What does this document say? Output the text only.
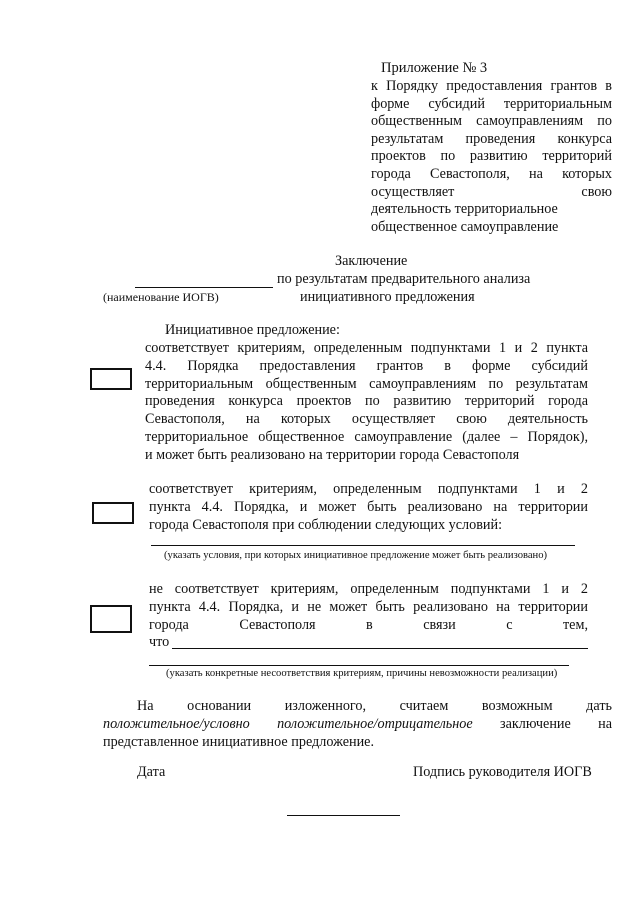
Приложение № 3
к Порядку предоставления грантов в
форме субсидий территориальным
общественным самоуправлениям по
результатам проведения конкурса
проектов по развитию территорий
города Севастополя, на которых
осуществляет свою
деятельность территориальное
общественное самоуправление
Заключение
по результатам предварительного анализа
(наименование ИОГВ)	инициативного предложения
Инициативное предложение:
соответствует критериям, определенным подпунктами 1 и 2 пункта
4.4. Порядка предоставления грантов в форме субсидий
территориальным общественным самоуправлениям по результатам
проведения конкурса проектов по развитию территорий города
Севастополя, на которых осуществляет свою деятельность
территориальное общественное самоуправление (далее – Порядок),
и может быть реализовано на территории города Севастополя
соответствует критериям, определенным подпунктами 1 и 2
пункта 4.4. Порядка, и может быть реализовано на территории
города Севастополя при соблюдении следующих условий:
(указать условия, при которых инициативное предложение может быть реализовано)
не соответствует критериям, определенным подпунктами 1 и 2
пункта 4.4. Порядка, и не может быть реализовано на территории
города Севастополя в связи с тем,
что
(указать конкретные несоответствия критериям, причины невозможности реализации)
На основании изложенного, считаем возможным дать
положительное/условно положительное/отрицательное заключение на
представленное инициативное предложение.
Дата	Подпись руководителя ИОГВ
